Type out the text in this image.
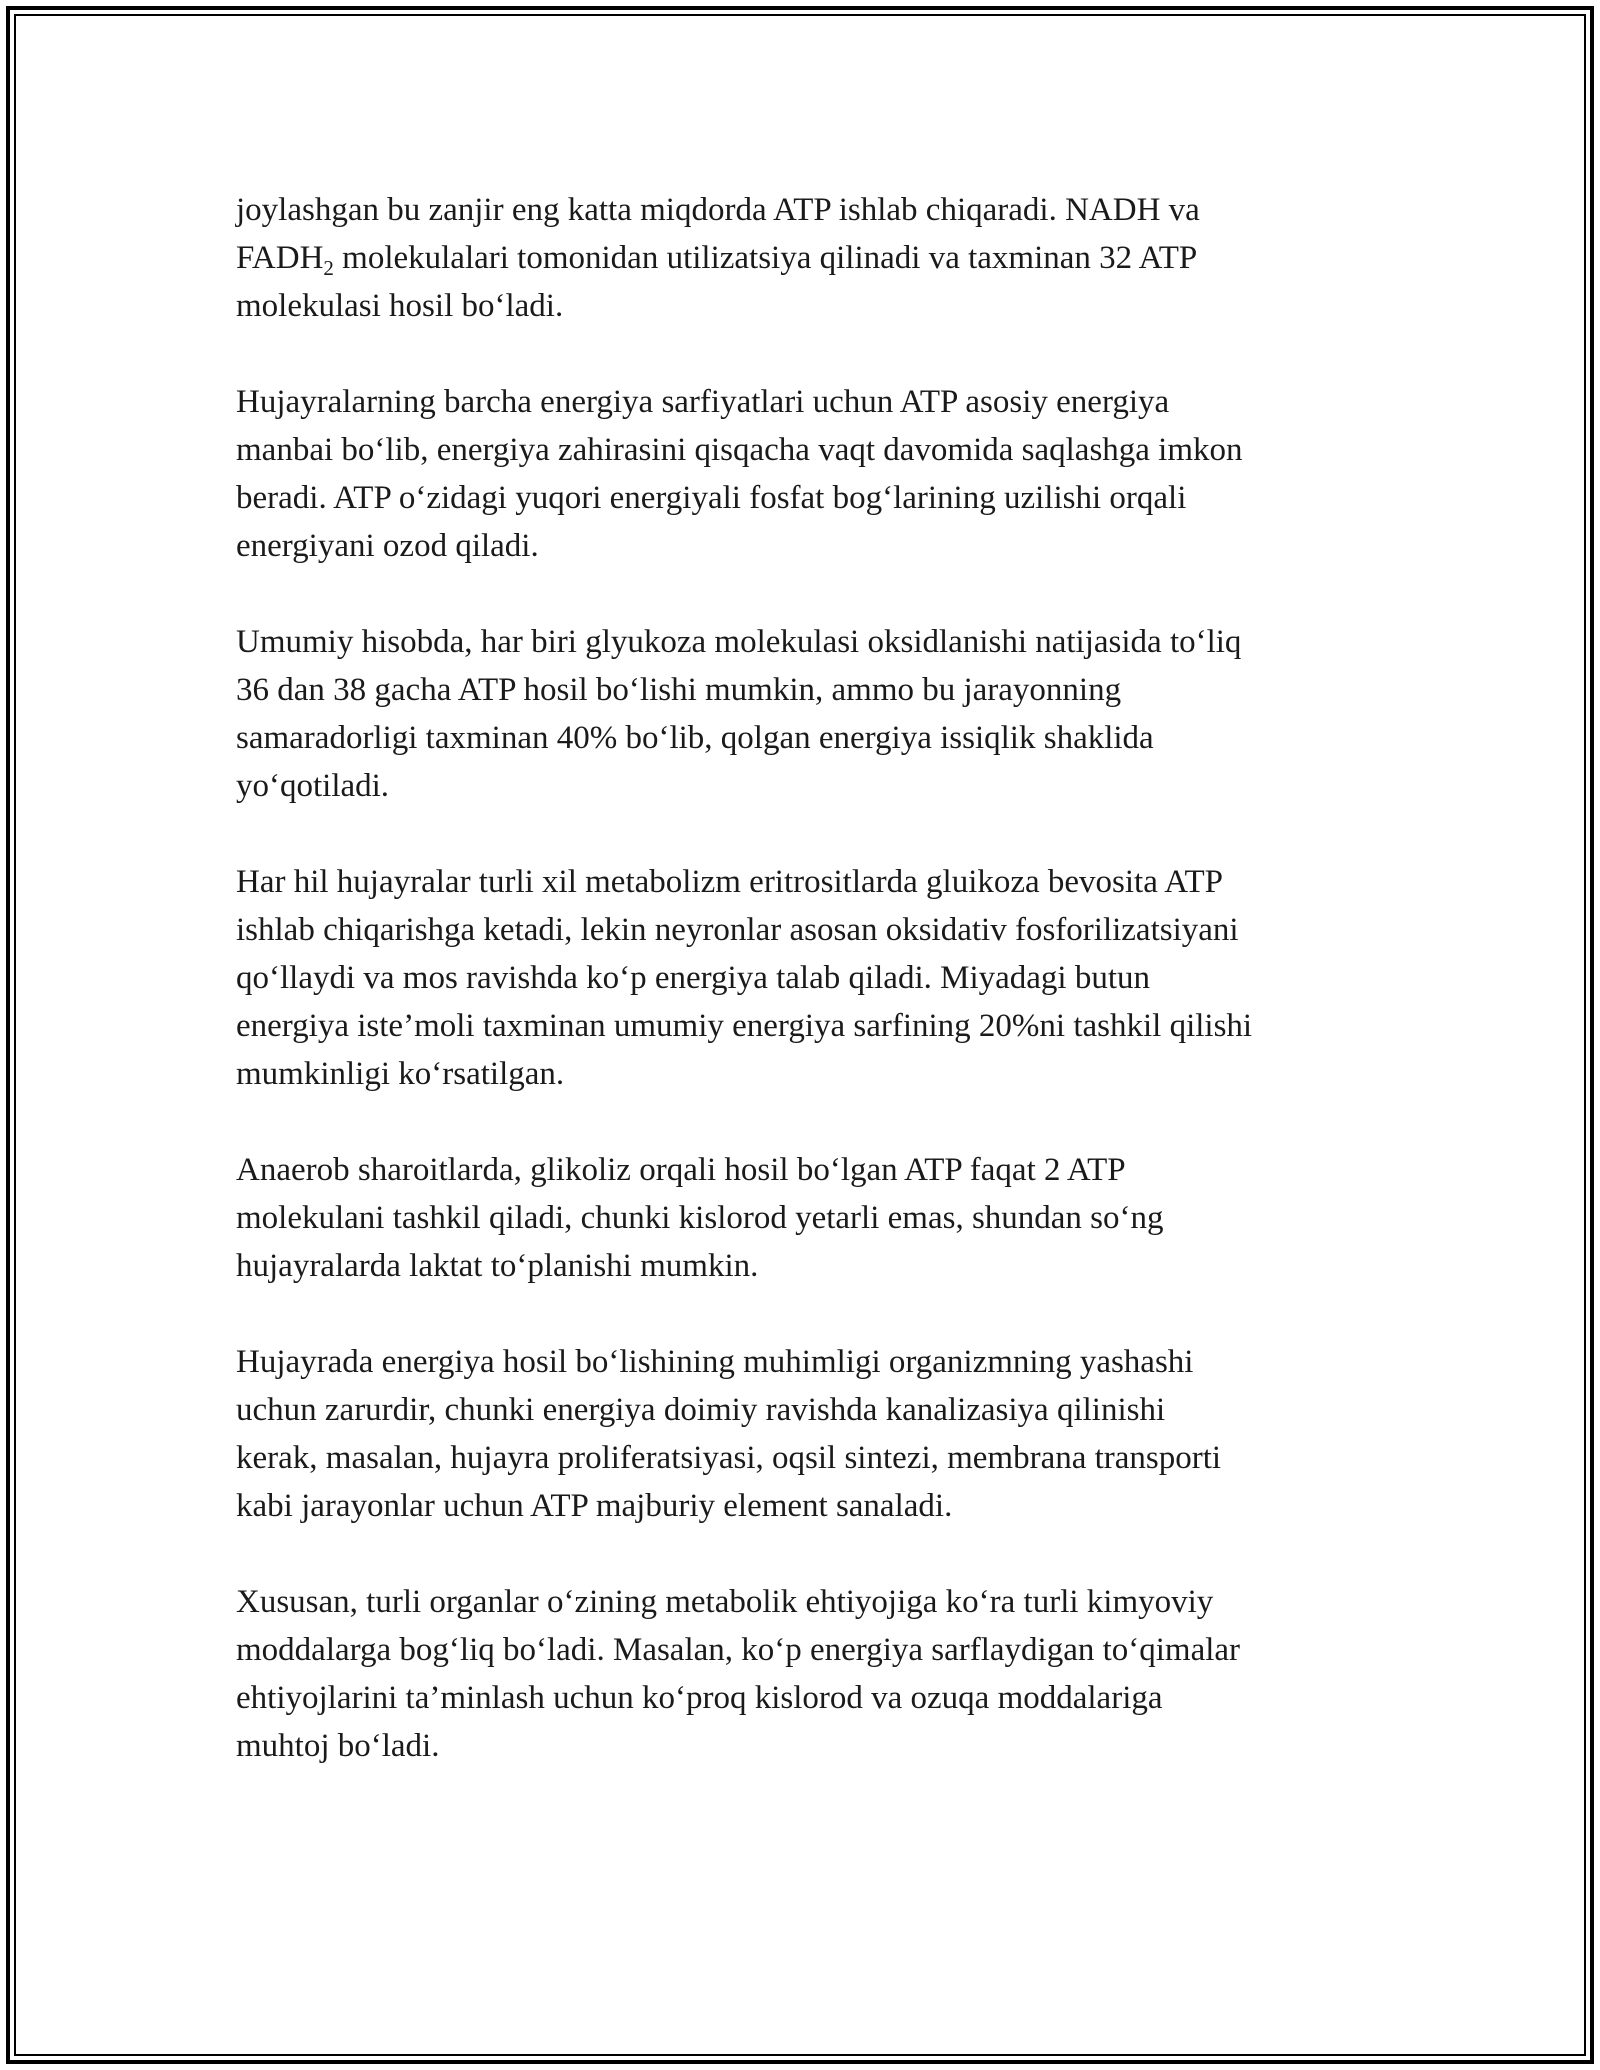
joylashgan bu zanjir eng katta miqdorda ATP ishlab chiqaradi. NADH va
$FADH_2$ molekulalari tomonidan utilizatsiya qilinadi va taxminan 32 ATP
molekulasi hosil bo‘ladi.

Hujayralarning barcha energiya sarfiyatlari uchun ATP asosiy energiya
manbai bo‘lib, energiya zahirasini qisqacha vaqt davomida saqlashga imkon
beradi. ATP o‘zidagi yuqori energiyali fosfat bog‘larining uzilishi orqali
energiyani ozod qiladi.

Umumiy hisobda, har biri glyukoza molekulasi oksidlanishi natijasida to‘liq
36 dan 38 gacha ATP hosil bo‘lishi mumkin, ammo bu jarayonning
samaradorligi taxminan 40% bo‘lib, qolgan energiya issiqlik shaklida
yo‘qotiladi.

Har hil hujayralar turli xil metabolizm eritrositlarda gluikoza bevosita ATP
ishlab chiqarishga ketadi, lekin neyronlar asosan oksidativ fosforilizatsiyani
qo‘llaydi va mos ravishda ko‘p energiya talab qiladi. Miyadagi butun
energiya iste’moli taxminan umumiy energiya sarfining 20%ni tashkil qilishi
mumkinligi ko‘rsatilgan.

Anaerob sharoitlarda, glikoliz orqali hosil bo‘lgan ATP faqat 2 ATP
molekulani tashkil qiladi, chunki kislorod yetarli emas, shundan so‘ng
hujayralarda laktat to‘planishi mumkin.

Hujayrada energiya hosil bo‘lishining muhimligi organizmning yashashi
uchun zarurdir, chunki energiya doimiy ravishda kanalizasiya qilinishi
kerak, masalan, hujayra proliferatsiyasi, oqsil sintezi, membrana transporti
kabi jarayonlar uchun ATP majburiy element sanaladi.

Xususan, turli organlar o‘zining metabolik ehtiyojiga ko‘ra turli kimyoviy
moddalarga bog‘liq bo‘ladi. Masalan, ko‘p energiya sarflaydigan to‘qimalar
ehtiyojlarini ta’minlash uchun ko‘proq kislorod va ozuqa moddalariga
muhtoj bo‘ladi.
